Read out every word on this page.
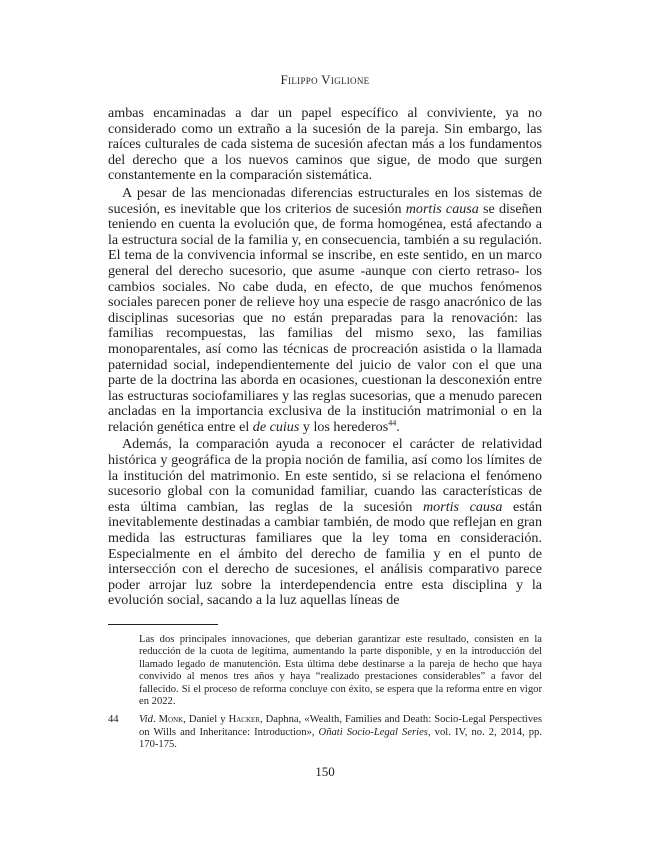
Filippo Viglione

ambas encaminadas a dar un papel específico al conviviente, ya no considerado como un extraño a la sucesión de la pareja. Sin embargo, las raíces culturales de cada sistema de sucesión afectan más a los fundamentos del derecho que a los nuevos caminos que sigue, de modo que surgen constantemente en la comparación sistemática.

A pesar de las mencionadas diferencias estructurales en los sistemas de sucesión, es inevitable que los criterios de sucesión mortis causa se diseñen teniendo en cuenta la evolución que, de forma homogénea, está afectando a la estructura social de la familia y, en consecuencia, también a su regulación. El tema de la convivencia informal se inscribe, en este sentido, en un marco general del derecho sucesorio, que asume -aunque con cierto retraso- los cambios sociales. No cabe duda, en efecto, de que muchos fenómenos sociales parecen poner de relieve hoy una especie de rasgo anacrónico de las disciplinas sucesorias que no están preparadas para la renovación: las familias recompuestas, las familias del mismo sexo, las familias monoparentales, así como las técnicas de procreación asistida o la llamada paternidad social, independientemente del juicio de valor con el que una parte de la doctrina las aborda en ocasiones, cuestionan la desconexión entre las estructuras sociofamiliares y las reglas sucesorias, que a menudo parecen ancladas en la importancia exclusiva de la institución matrimonial o en la relación genética entre el de cuius y los herederos$^{44}$.

Además, la comparación ayuda a reconocer el carácter de relatividad histórica y geográfica de la propia noción de familia, así como los límites de la institución del matrimonio. En este sentido, si se relaciona el fenómeno sucesorio global con la comunidad familiar, cuando las características de esta última cambian, las reglas de la sucesión mortis causa están inevitablemente destinadas a cambiar también, de modo que reflejan en gran medida las estructuras familiares que la ley toma en consideración. Especialmente en el ámbito del derecho de familia y en el punto de intersección con el derecho de sucesiones, el análisis comparativo parece poder arrojar luz sobre la interdependencia entre esta disciplina y la evolución social, sacando a la luz aquellas líneas de

Las dos principales innovaciones, que deberian garantizar este resultado, consisten en la reducción de la cuota de legítima, aumentando la parte disponible, y en la introducción del llamado legado de manutención. Esta última debe destinarse a la pareja de hecho que haya convivido al menos tres años y haya “realizado prestaciones considerables” a favor del fallecido. Si el proceso de reforma concluye con éxito, se espera que la reforma entre en vigor en 2022.
44	Vid. Monk, Daniel y Hacker, Daphna, «Wealth, Families and Death: Socio-Legal Perspectives on Wills and Inheritance: Introduction», Oñati Socio-Legal Series, vol. IV, no. 2, 2014, pp. 170-175.
150
